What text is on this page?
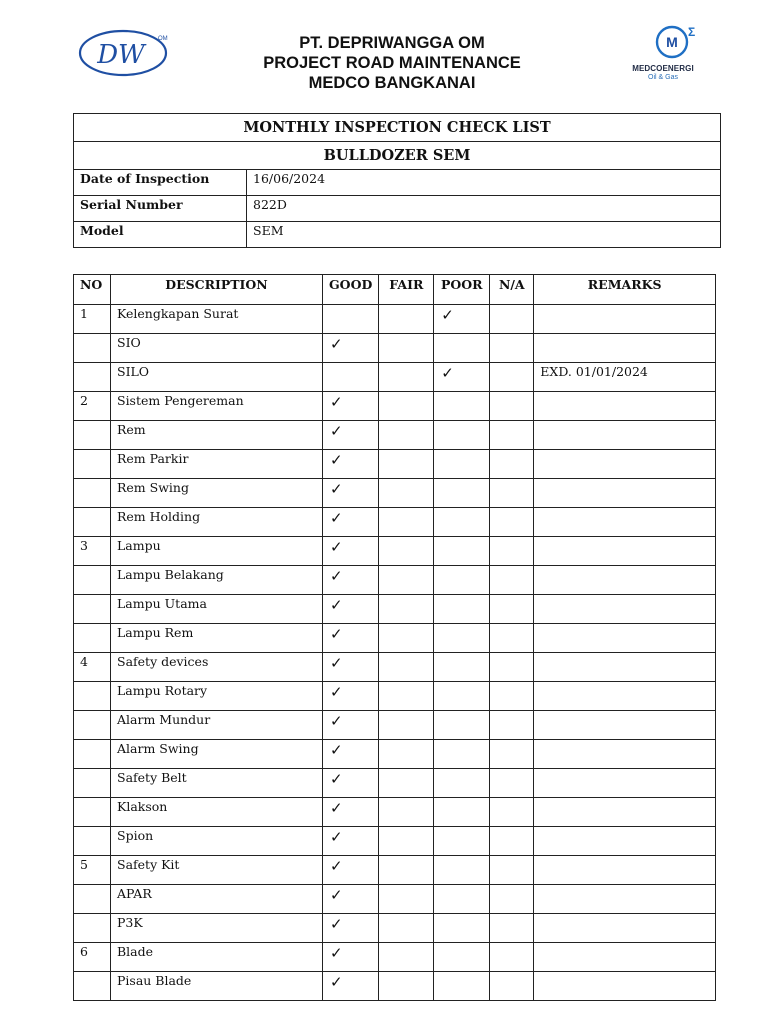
DW
OM	PT. DEPRIWANGGA OM
PROJECT ROAD MAINTENANCE
MEDCO BANGKANAI
M
Σ
MEDCOENERGI
Oil & Gas
MONTHLY INSPECTION CHECK LIST	
BULLDOZER SEM	
Date of Inspection	16/06/2024
Serial Number	822D
Model	SEM
NO	DESCRIPTION	GOOD	FAIR	POOR	N/A	REMARKS
1	Kelengkapan Surat			✓		
	SIO	✓				
	SILO			✓		EXD. 01/01/2024
2	Sistem Pengereman	✓				
	Rem	✓				
	Rem Parkir	✓				
	Rem Swing	✓				
	Rem Holding	✓				
3	Lampu	✓				
	Lampu Belakang	✓				
	Lampu Utama	✓				
	Lampu Rem	✓				
4	Safety devices	✓				
	Lampu Rotary	✓				
	Alarm Mundur	✓				
	Alarm Swing	✓				
	Safety Belt	✓				
	Klakson	✓				
	Spion	✓				
5	Safety Kit	✓				
	APAR	✓				
	P3K	✓				
6	Blade	✓				
	Pisau Blade	✓				
